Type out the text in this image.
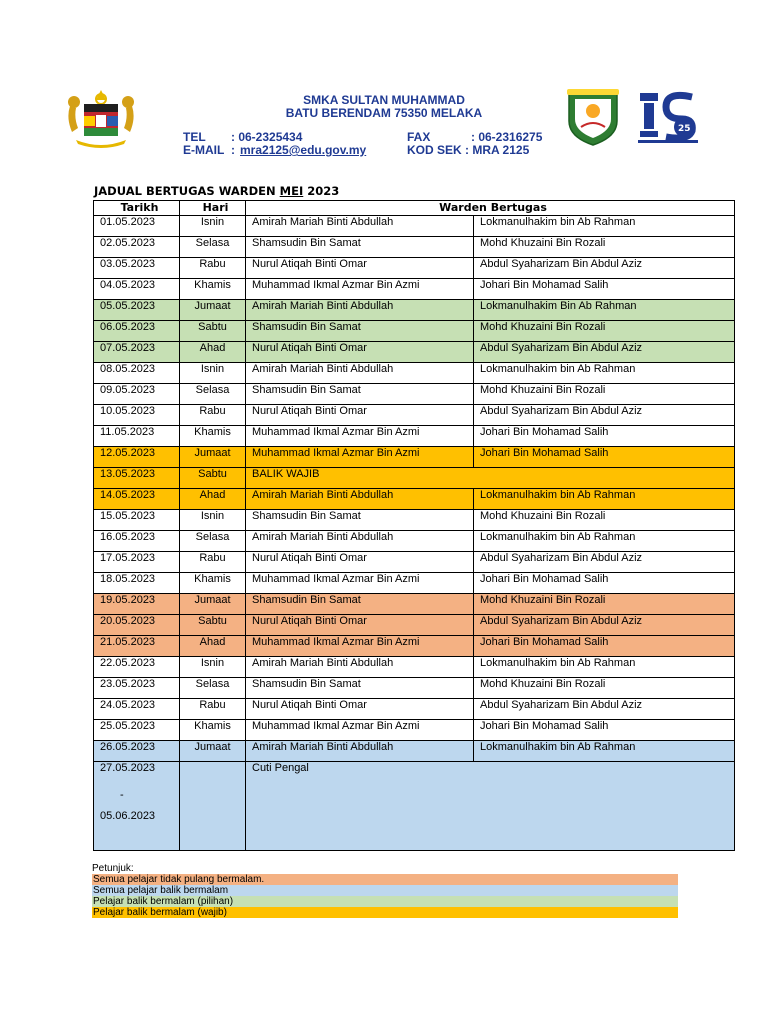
25
SMKA SULTAN MUHAMMAD
BATU BERENDAM 75350 MELAKA
TEL : 06-2325434	FAX	: 06-2316275
E-MAIL : mra2125@edu.gov.my	KOD SEK : MRA 2125
JADUAL BERTUGAS WARDEN MEI 2023
Tarikh	Hari	Warden Bertugas	
01.05.2023	Isnin	Amirah Mariah Binti Abdullah	Lokmanulhakim bin Ab Rahman
02.05.2023	Selasa	Shamsudin Bin Samat	Mohd Khuzaini Bin Rozali
03.05.2023	Rabu	Nurul Atiqah Binti Omar	Abdul Syaharizam Bin Abdul Aziz
04.05.2023	Khamis	Muhammad Ikmal Azmar Bin Azmi	Johari Bin Mohamad Salih
05.05.2023	Jumaat	Amirah Mariah Binti Abdullah	Lokmanulhakim Bin Ab Rahman
06.05.2023	Sabtu	Shamsudin Bin Samat	Mohd Khuzaini Bin Rozali
07.05.2023	Ahad	Nurul Atiqah Binti Omar	Abdul Syaharizam Bin Abdul Aziz
08.05.2023	Isnin	Amirah Mariah Binti Abdullah	Lokmanulhakim bin Ab Rahman
09.05.2023	Selasa	Shamsudin Bin Samat	Mohd Khuzaini Bin Rozali
10.05.2023	Rabu	Nurul Atiqah Binti Omar	Abdul Syaharizam Bin Abdul Aziz
11.05.2023	Khamis	Muhammad Ikmal Azmar Bin Azmi	Johari Bin Mohamad Salih
12.05.2023	Jumaat	Muhammad Ikmal Azmar Bin Azmi	Johari Bin Mohamad Salih
13.05.2023	Sabtu	BALIK WAJIB	
14.05.2023	Ahad	Amirah Mariah Binti Abdullah	Lokmanulhakim bin Ab Rahman
15.05.2023	Isnin	Shamsudin Bin Samat	Mohd Khuzaini Bin Rozali
16.05.2023	Selasa	Amirah Mariah Binti Abdullah	Lokmanulhakim bin Ab Rahman
17.05.2023	Rabu	Nurul Atiqah Binti Omar	Abdul Syaharizam Bin Abdul Aziz
18.05.2023	Khamis	Muhammad Ikmal Azmar Bin Azmi	Johari Bin Mohamad Salih
19.05.2023	Jumaat	Shamsudin Bin Samat	Mohd Khuzaini Bin Rozali
20.05.2023	Sabtu	Nurul Atiqah Binti Omar	Abdul Syaharizam Bin Abdul Aziz
21.05.2023	Ahad	Muhammad Ikmal Azmar Bin Azmi	Johari Bin Mohamad Salih
22.05.2023	Isnin	Amirah Mariah Binti Abdullah	Lokmanulhakim bin Ab Rahman
23.05.2023	Selasa	Shamsudin Bin Samat	Mohd Khuzaini Bin Rozali
24.05.2023	Rabu	Nurul Atiqah Binti Omar	Abdul Syaharizam Bin Abdul Aziz
25.05.2023	Khamis	Muhammad Ikmal Azmar Bin Azmi	Johari Bin Mohamad Salih
26.05.2023	Jumaat	Amirah Mariah Binti Abdullah	Lokmanulhakim bin Ab Rahman

27.05.2023
-
05.06.2023		Cuti Pengal	
Petunjuk:
Semua pelajar tidak pulang bermalam.
Semua pelajar balik bermalam
Pelajar balik bermalam (pilihan)
Pelajar balik bermalam (wajib)
